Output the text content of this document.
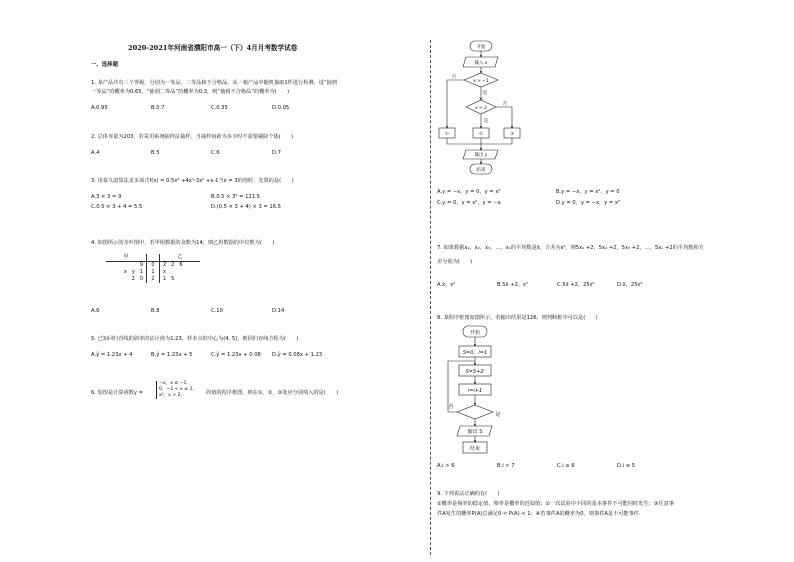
2020-2021年河南省濮阳市高一（下）4月月考数学试卷
一、选择题
1. 某产品共有三个等级，分别为一等品、二等品和不合格品，从一箱产品中随机抽取1件进行检测，设“抽到
一等品”的概率为0.65，“抽到二等品”的概率为0.3，则“抽到不合格品”的概率为(　　)
A.0.95	B.0.7	C.0.35	D.0.05
2. 总体容量为203，若采用系统抽样法抽样，当抽样间距为多少时不需要剔除个体(　　)
A.4	B.5	C.6	D.7
3. 用秦九韶算法求多项式f(x) = 0.5x⁵ +4x⁴-3x² +x-1当x = 3的值时，先算的是(　　)
A.3 × 3 = 9	B.0.5 × 3⁵ = 121.5
C.0.5 × 3 + 4 = 5.5	D.(0.5 × 3 + 4) × 3 = 16.5
4. 如图所示的茎叶图中，若甲组数据的众数为14，则乙组数据的中位数为(　　)
甲		乙
9	0	2　2　6
x　y　1	1	x
2　0	2	1　5
A.6	B.8	C.10	D.14
5. 已知回归直线的斜率的估计值为1.23，样本点的中心为(4, 5)，则回归直线方程为(　　)
A.ŷ = 1.23x + 4	B.ŷ = 1.23x + 5	C.ŷ = 1.23x + 0.08 D.ŷ = 0.08x + 1.23
6. 如图是计算函数y =
−x，x ≤ −1,
0，−1 < x ≤ 2,
x²，x > 2,	的值的程序框图，则在①，②，③处应分别填入的是(　　)
开始
输入 x
x > −1
否
是
x > 2
否
是
①	②	③
输出 y
结束
A.y = −x，y = 0，y = x²	B.y = −x，y = x²，y = 0
C.y = 0，y = x²，y = −x	D.y = 0，y = −x，y = x²
7. 如果数据x₁，x₂，x₃，…，xₙ的平均数是x̄，方差为s²，则5x₁ +2，5x₂ +2，5x₃ +2，…，5xₙ +2的平均数和方
差分别为(　　)
A.x̄，s²	B.5x̄ +2，s²	C.5x̄ +2，25s²	D.x̄，25s²
8. 某程序框图如图所示，若输出结果是126，则判断框中可以是(　　)
开始
S=0，i=1
S=S+2ⁱ
i=i+1
否
是
输出 S
结束
A.i > 6	B.i > 7	C.i ≥ 6	D.i ≥ 5
9. 下列说法正确的有(　　)
①概率是频率的稳定值，频率是概率的近似值；②一次试验中不同的基本事件不可能同时发生；③任意事
件A发生的概率P(A)总满足0 < P(A) < 1；④若事件A的概率为0，则事件A是不可能事件.
